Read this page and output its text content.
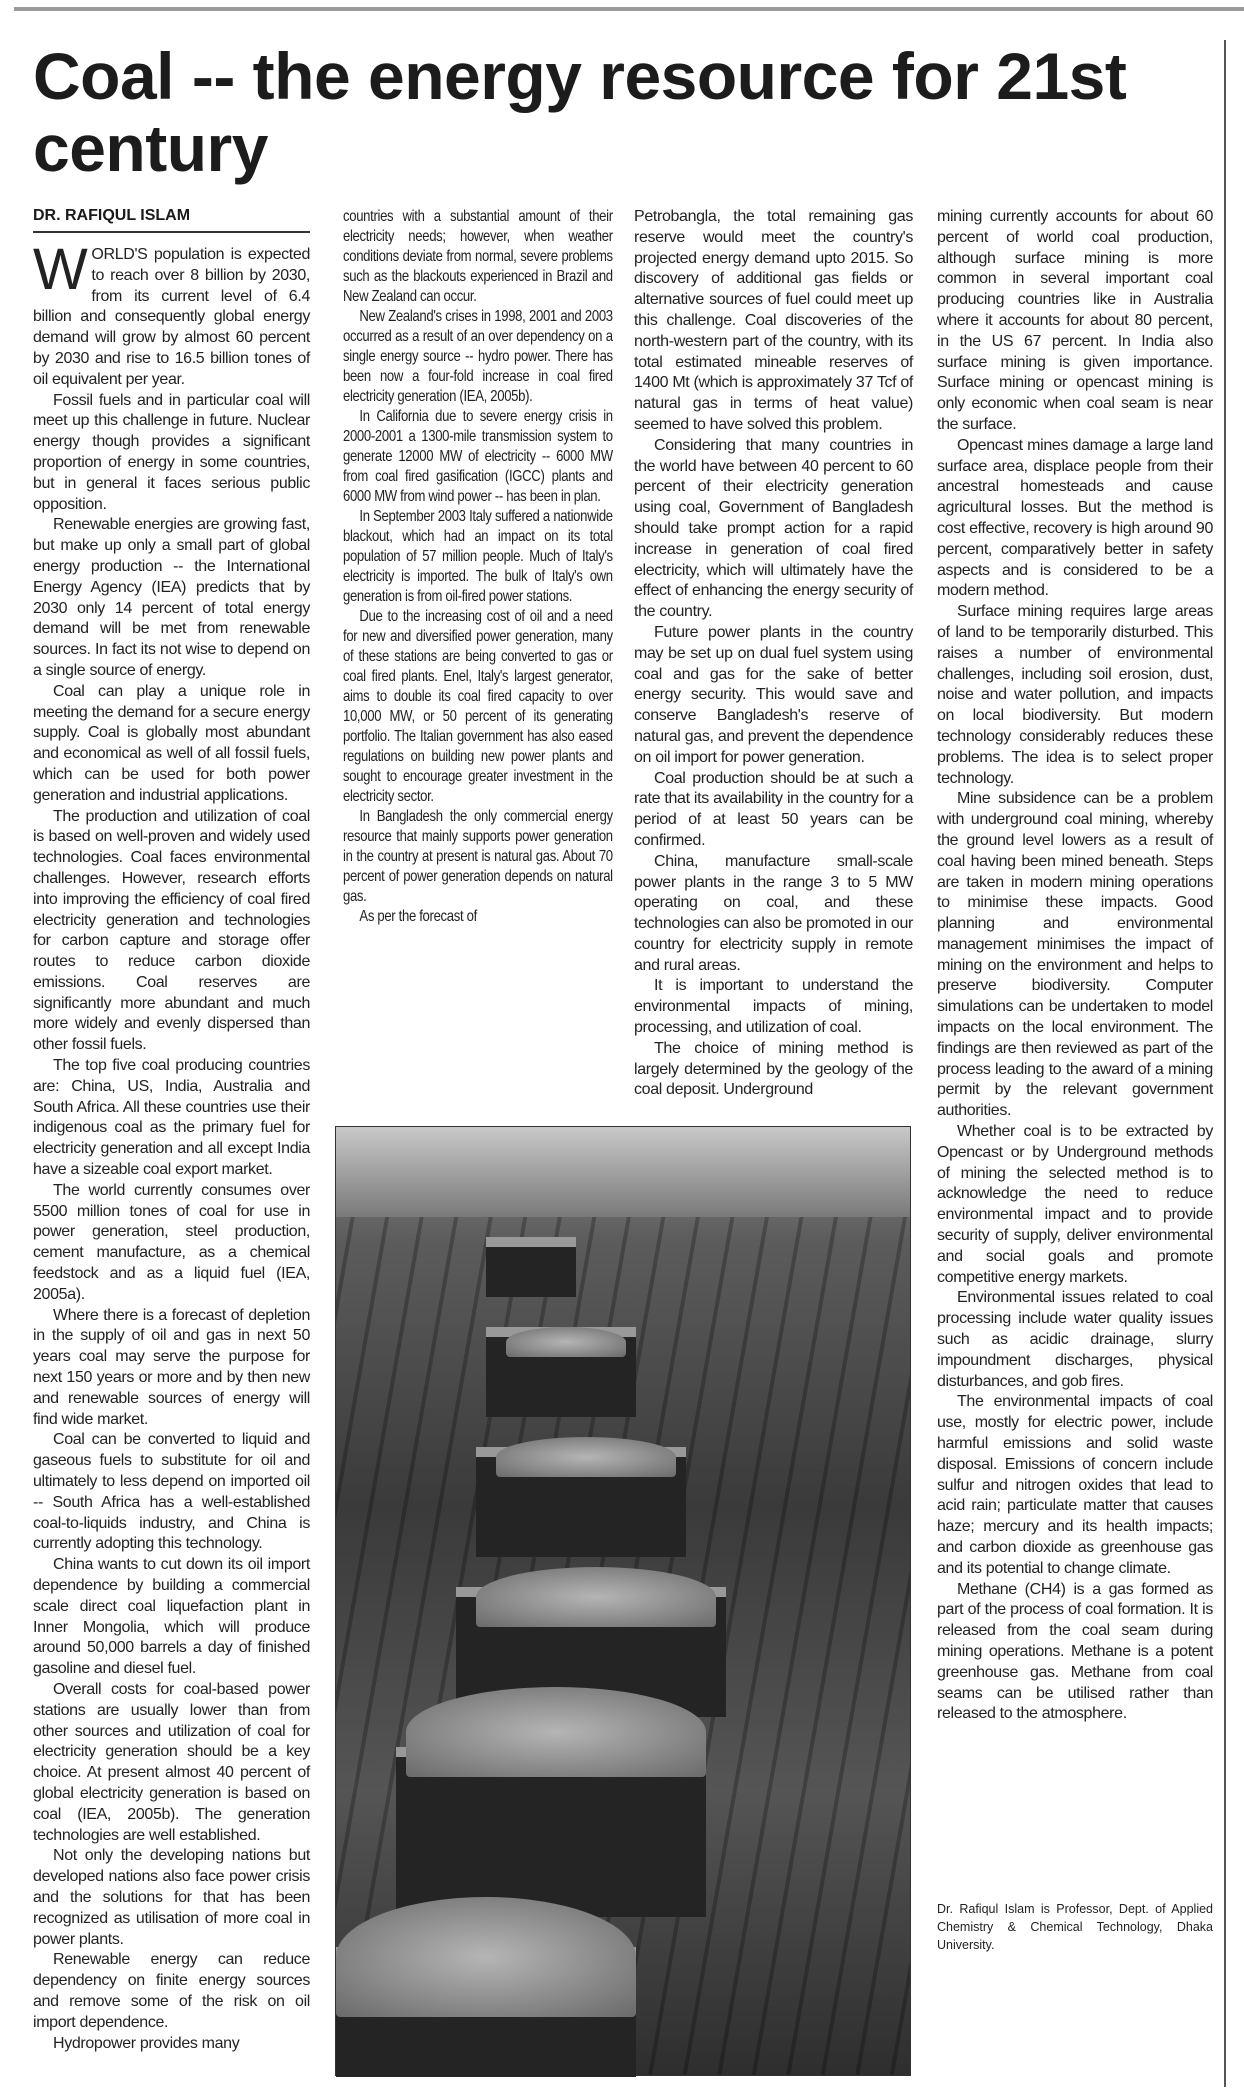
Coal -- the energy resource for 21st century
DR. RAFIQUL ISLAM

WORLD'S population is expected to reach over 8 billion by 2030, from its current level of 6.4 billion and consequently global energy demand will grow by almost 60 percent by 2030 and rise to 16.5 billion tones of oil equivalent per year.

Fossil fuels and in particular coal will meet up this challenge in future. Nuclear energy though provides a significant proportion of energy in some countries, but in general it faces serious public opposition.

Renewable energies are growing fast, but make up only a small part of global energy production -- the International Energy Agency (IEA) predicts that by 2030 only 14 percent of total energy demand will be met from renewable sources. In fact its not wise to depend on a single source of energy.

Coal can play a unique role in meeting the demand for a secure energy supply. Coal is globally most abundant and economical as well of all fossil fuels, which can be used for both power generation and industrial applications.

The production and utilization of coal is based on well-proven and widely used technologies. Coal faces environmental challenges. However, research efforts into improving the efficiency of coal fired electricity generation and technologies for carbon capture and storage offer routes to reduce carbon dioxide emissions. Coal reserves are significantly more abundant and much more widely and evenly dispersed than other fossil fuels.

The top five coal producing countries are: China, US, India, Australia and South Africa. All these countries use their indigenous coal as the primary fuel for electricity generation and all except India have a sizeable coal export market.

The world currently consumes over 5500 million tones of coal for use in power generation, steel production, cement manufacture, as a chemical feedstock and as a liquid fuel (IEA, 2005a).

Where there is a forecast of depletion in the supply of oil and gas in next 50 years coal may serve the purpose for next 150 years or more and by then new and renewable sources of energy will find wide market.

Coal can be converted to liquid and gaseous fuels to substitute for oil and ultimately to less depend on imported oil -- South Africa has a well-established coal-to-liquids industry, and China is currently adopting this technology.

China wants to cut down its oil import dependence by building a commercial scale direct coal liquefaction plant in Inner Mongolia, which will produce around 50,000 barrels a day of finished gasoline and diesel fuel.

Overall costs for coal-based power stations are usually lower than from other sources and utilization of coal for electricity generation should be a key choice. At present almost 40 percent of global electricity generation is based on coal (IEA, 2005b). The generation technologies are well established.

Not only the developing nations but developed nations also face power crisis and the solutions for that has been recognized as utilisation of more coal in power plants.

Renewable energy can reduce dependency on finite energy sources and remove some of the risk on oil import dependence.

Hydropower provides many

countries with a substantial amount of their electricity needs; however, when weather conditions deviate from normal, severe problems such as the blackouts experienced in Brazil and New Zealand can occur.

New Zealand's crises in 1998, 2001 and 2003 occurred as a result of an over dependency on a single energy source -- hydro power. There has been now a four-fold increase in coal fired electricity generation (IEA, 2005b).

In California due to severe energy crisis in 2000-2001 a 1300-mile transmission system to generate 12000 MW of electricity -- 6000 MW from coal fired gasification (IGCC) plants and 6000 MW from wind power -- has been in plan.

In September 2003 Italy suffered a nationwide blackout, which had an impact on its total population of 57 million people. Much of Italy's electricity is imported. The bulk of Italy's own generation is from oil-fired power stations.

Due to the increasing cost of oil and a need for new and diversified power generation, many of these stations are being converted to gas or coal fired plants. Enel, Italy's largest generator, aims to double its coal fired capacity to over 10,000 MW, or 50 percent of its generating portfolio. The Italian government has also eased regulations on building new power plants and sought to encourage greater investment in the electricity sector.

In Bangladesh the only commercial energy resource that mainly supports power generation in the country at present is natural gas. About 70 percent of power generation depends on natural gas.

As per the forecast of

Petrobangla, the total remaining gas reserve would meet the country's projected energy demand upto 2015. So discovery of additional gas fields or alternative sources of fuel could meet up this challenge. Coal discoveries of the north-western part of the country, with its total estimated mineable reserves of 1400 Mt (which is approximately 37 Tcf of natural gas in terms of heat value) seemed to have solved this problem.

Considering that many countries in the world have between 40 percent to 60 percent of their electricity generation using coal, Government of Bangladesh should take prompt action for a rapid increase in generation of coal fired electricity, which will ultimately have the effect of enhancing the energy security of the country.

Future power plants in the country may be set up on dual fuel system using coal and gas for the sake of better energy security. This would save and conserve Bangladesh's reserve of natural gas, and prevent the dependence on oil import for power generation.

Coal production should be at such a rate that its availability in the country for a period of at least 50 years can be confirmed.

China, manufacture small-scale power plants in the range 3 to 5 MW operating on coal, and these technologies can also be promoted in our country for electricity supply in remote and rural areas.

It is important to understand the environmental impacts of mining, processing, and utilization of coal.

The choice of mining method is largely determined by the geology of the coal deposit. Underground

mining currently accounts for about 60 percent of world coal production, although surface mining is more common in several important coal producing countries like in Australia where it accounts for about 80 percent, in the US 67 percent. In India also surface mining is given importance. Surface mining or opencast mining is only economic when coal seam is near the surface.

Opencast mines damage a large land surface area, displace people from their ancestral homesteads and cause agricultural losses. But the method is cost effective, recovery is high around 90 percent, comparatively better in safety aspects and is considered to be a modern method.

Surface mining requires large areas of land to be temporarily disturbed. This raises a number of environmental challenges, including soil erosion, dust, noise and water pollution, and impacts on local biodiversity. But modern technology considerably reduces these problems. The idea is to select proper technology.

Mine subsidence can be a problem with underground coal mining, whereby the ground level lowers as a result of coal having been mined beneath. Steps are taken in modern mining operations to minimise these impacts. Good planning and environmental management minimises the impact of mining on the environment and helps to preserve biodiversity. Computer simulations can be undertaken to model impacts on the local environment. The findings are then reviewed as part of the process leading to the award of a mining permit by the relevant government authorities.

Whether coal is to be extracted by Opencast or by Underground methods of mining the selected method is to acknowledge the need to reduce environmental impact and to provide security of supply, deliver environmental and social goals and promote competitive energy markets.

Environmental issues related to coal processing include water quality issues such as acidic drainage, slurry impoundment discharges, physical disturbances, and gob fires.

The environmental impacts of coal use, mostly for electric power, include harmful emissions and solid waste disposal. Emissions of concern include sulfur and nitrogen oxides that lead to acid rain; particulate matter that causes haze; mercury and its health impacts; and carbon dioxide as greenhouse gas and its potential to change climate.

Methane (CH4) is a gas formed as part of the process of coal formation. It is released from the coal seam during mining operations. Methane is a potent greenhouse gas. Methane from coal seams can be utilised rather than released to the atmosphere.

Dr. Rafiqul Islam is Professor, Dept. of Applied Chemistry & Chemical Technology, Dhaka University.
